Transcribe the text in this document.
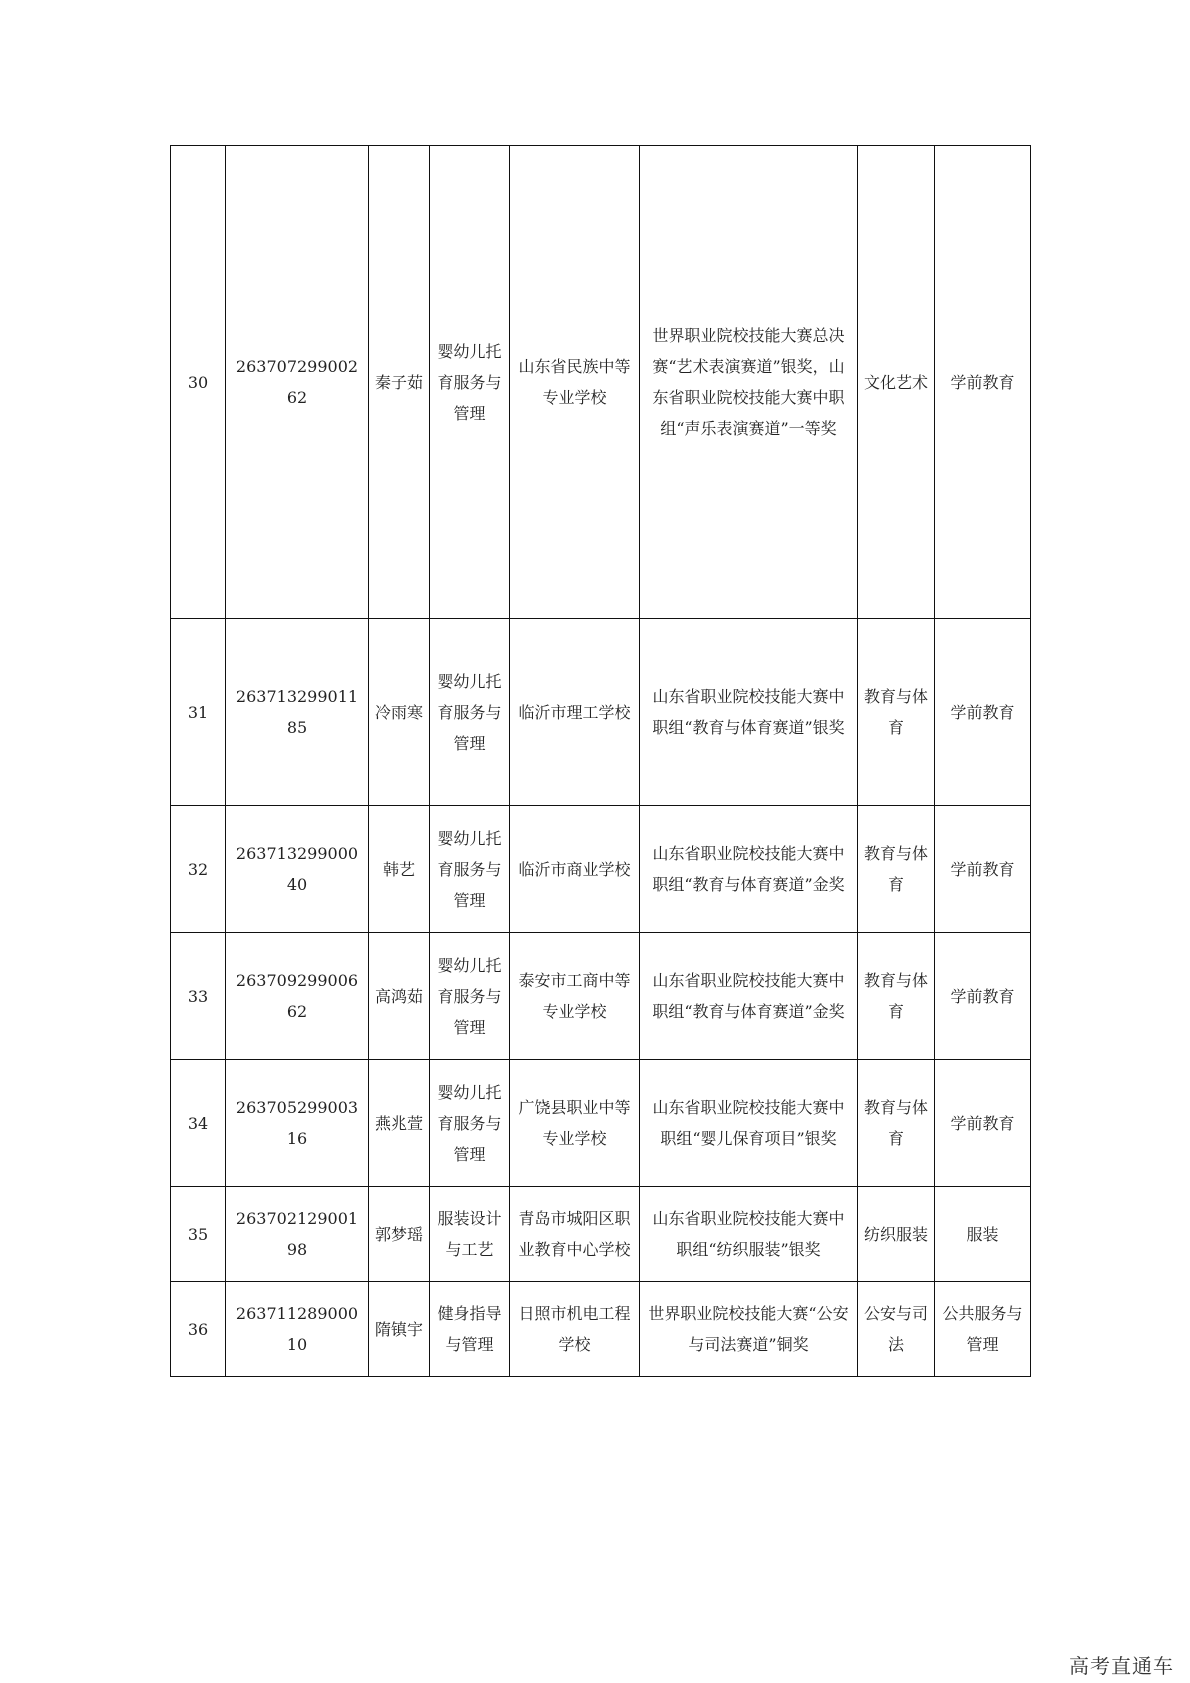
30	26370729900262	秦子茹	婴幼儿托育服务与管理	山东省民族中等专业学校	世界职业院校技能大赛总决赛“艺术表演赛道”银奖，山东省职业院校技能大赛中职组“声乐表演赛道”一等奖	文化艺术	学前教育
31	26371329901185	冷雨寒	婴幼儿托育服务与管理	临沂市理工学校	山东省职业院校技能大赛中职组“教育与体育赛道”银奖	教育与体育	学前教育
32	26371329900040	韩艺	婴幼儿托育服务与管理	临沂市商业学校	山东省职业院校技能大赛中职组“教育与体育赛道”金奖	教育与体育	学前教育
33	26370929900662	高鸿茹	婴幼儿托育服务与管理	泰安市工商中等专业学校	山东省职业院校技能大赛中职组“教育与体育赛道”金奖	教育与体育	学前教育
34	26370529900316	燕兆萱	婴幼儿托育服务与管理	广饶县职业中等专业学校	山东省职业院校技能大赛中职组“婴儿保育项目”银奖	教育与体育	学前教育
35	26370212900198	郭梦瑶	服装设计与工艺	青岛市城阳区职业教育中心学校	山东省职业院校技能大赛中职组“纺织服装”银奖	纺织服装	服装
36	26371128900010	隋镇宇	健身指导与管理	日照市机电工程学校	世界职业院校技能大赛“公安与司法赛道”铜奖	公安与司法	公共服务与管理
高考直通车
